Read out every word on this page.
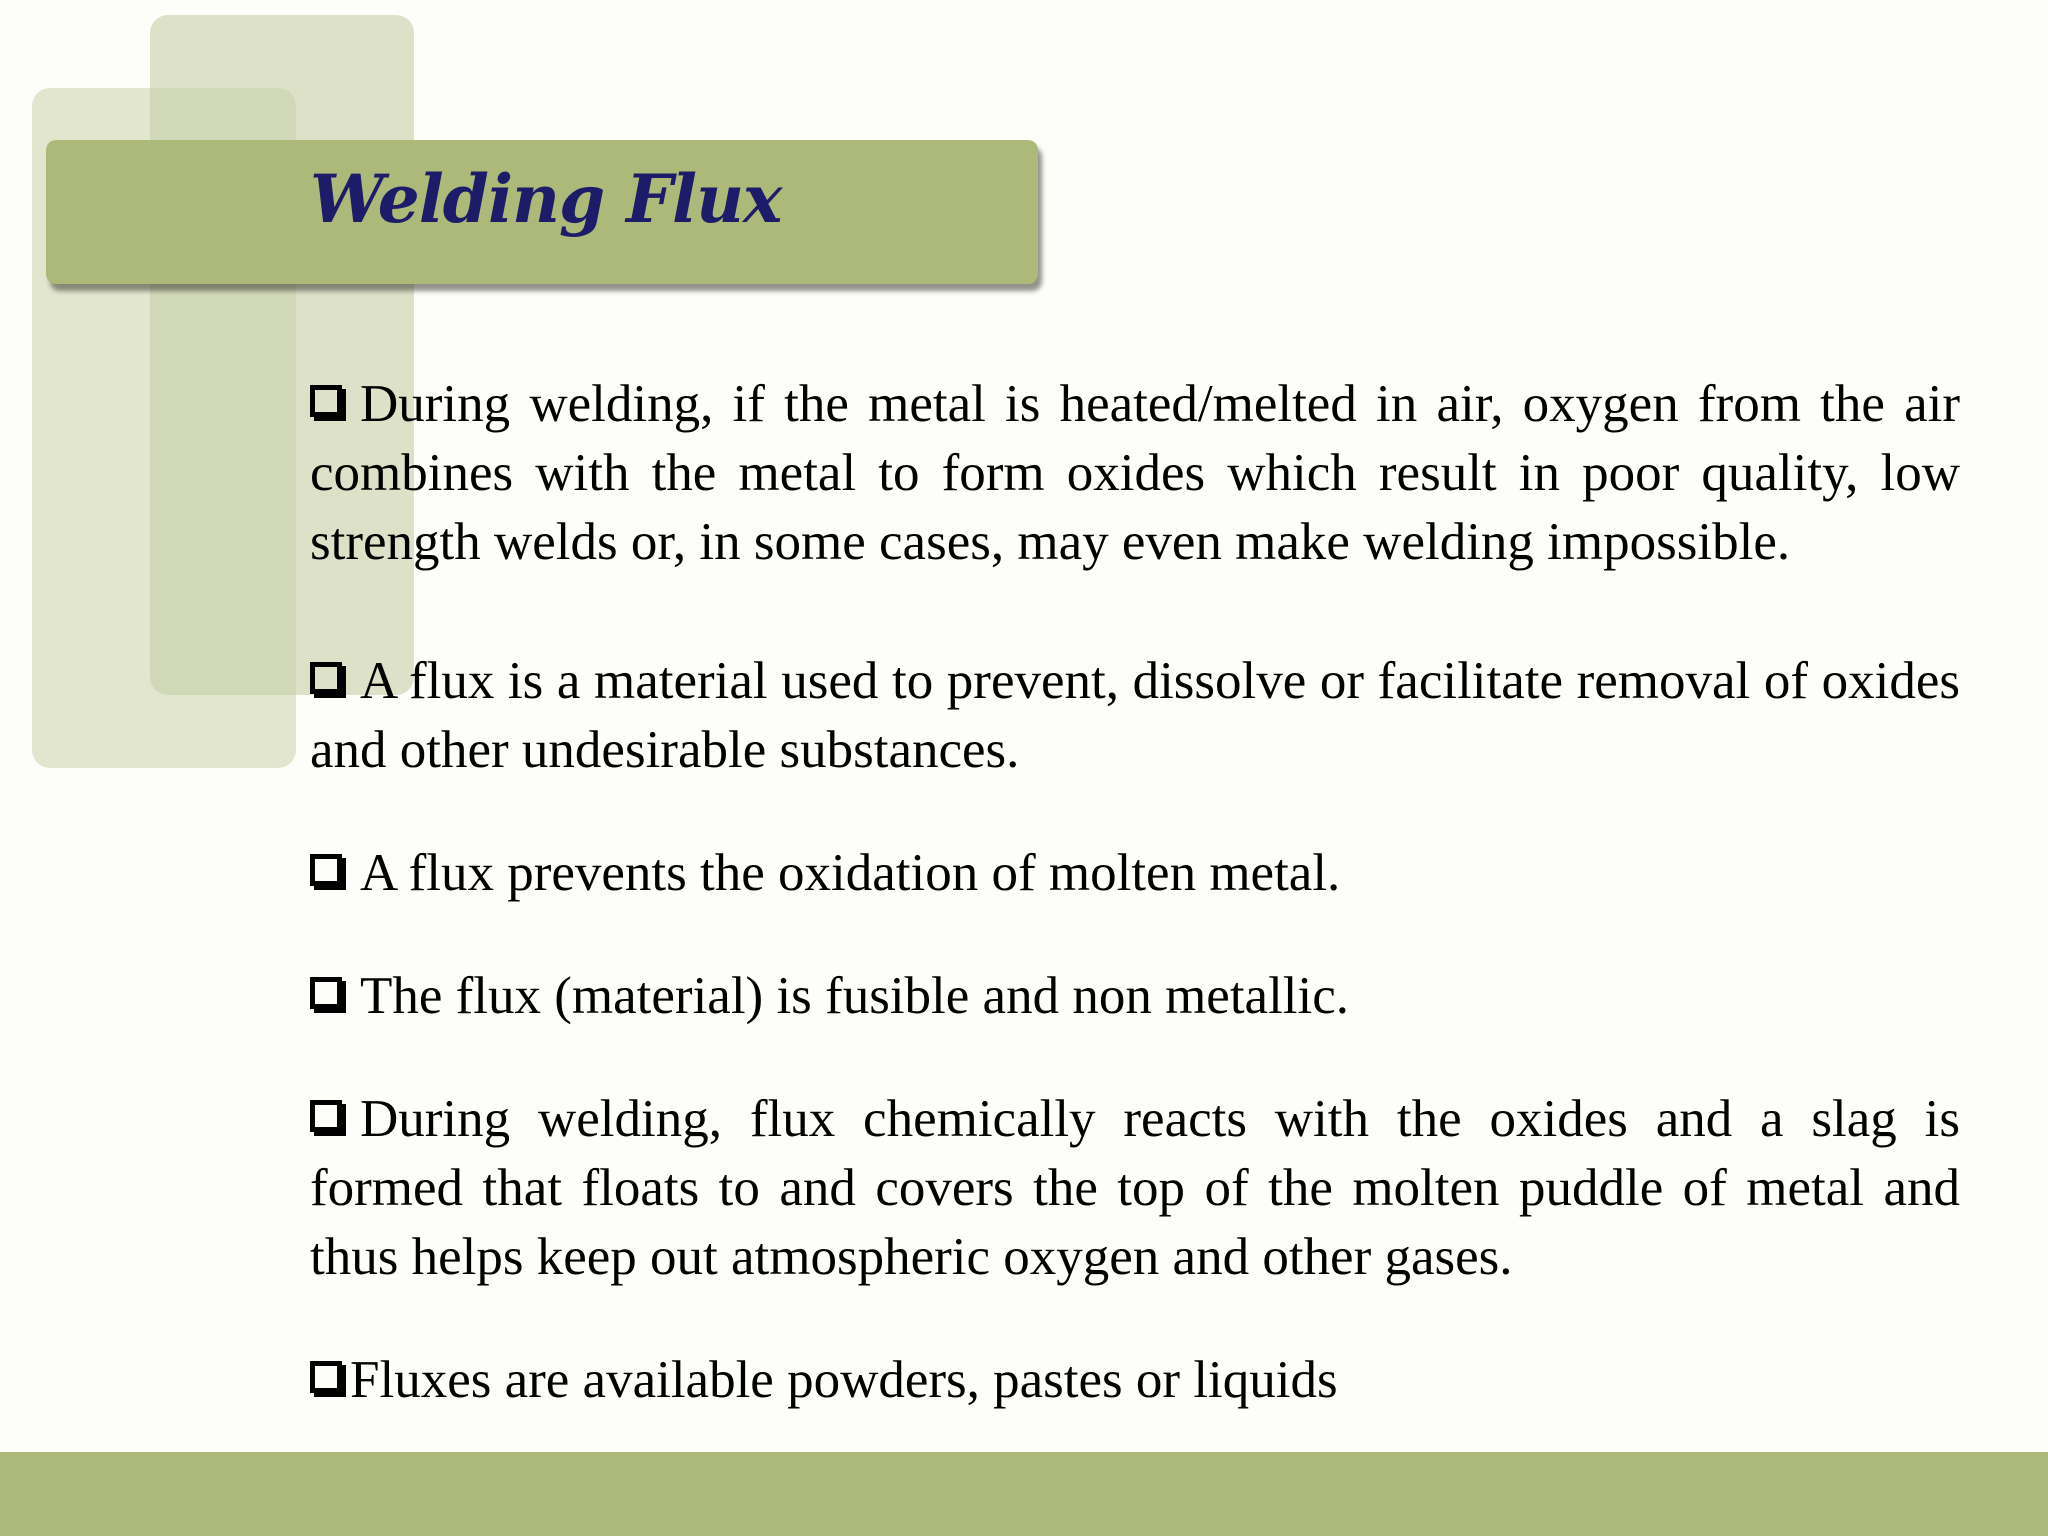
Welding Flux

During welding, if the metal is heated/melted in air, oxygen from the air combines with the metal to form oxides which result in poor quality, low strength welds or, in some cases, may even make welding impossible.

A flux is a material used to prevent, dissolve or facilitate removal of oxides and other undesirable substances.

A flux prevents the oxidation of molten metal.

The flux (material) is fusible and non metallic.

During welding, flux chemically reacts with the oxides and a slag is formed that floats to and covers the top of the molten puddle of metal and thus helps keep out atmospheric oxygen and other gases.

Fluxes are available powders, pastes or liquids
